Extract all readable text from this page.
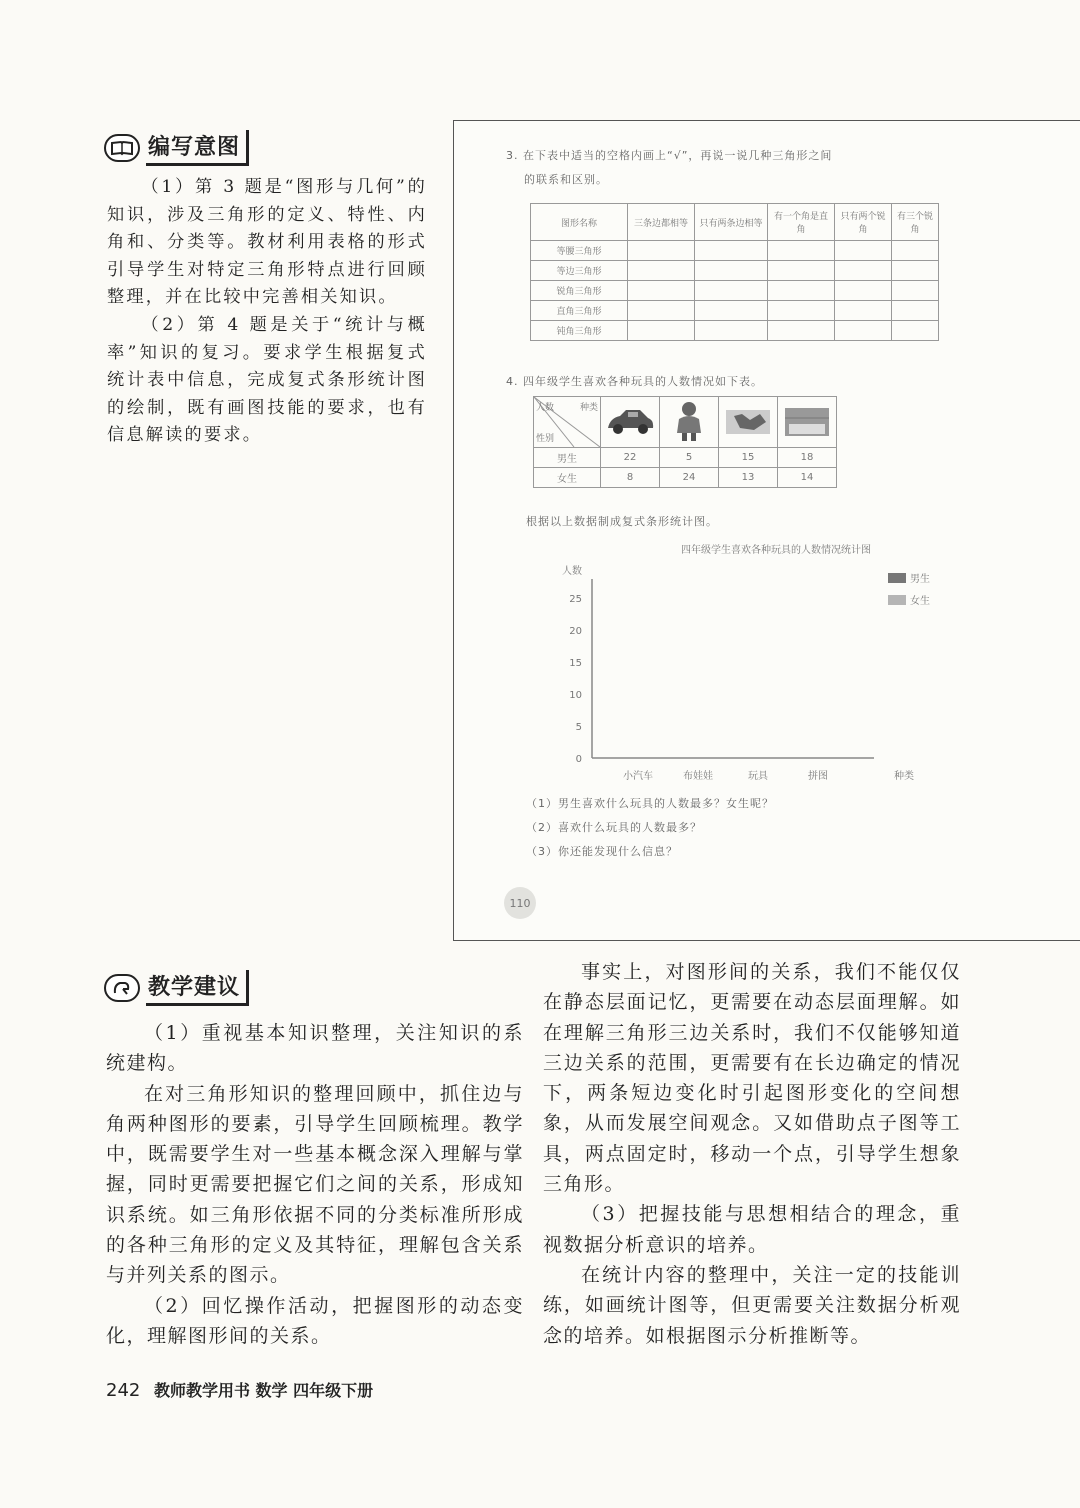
编写意图

（1）第 3 题是“图形与几何”的知识，涉及三角形的定义、特性、内角和、分类等。教材利用表格的形式引导学生对特定三角形特点进行回顾整理，并在比较中完善相关知识。

（2）第 4 题是关于“统计与概率”知识的复习。要求学生根据复式统计表中信息，完成复式条形统计图的绘制，既有画图技能的要求，也有信息解读的要求。

3. 在下表中适当的空格内画上“√”，再说一说几种三角形之间
的联系和区别。
图形名称	三条边都相等	只有两条边相等	有一个角是直角	只有两个锐角	有三个锐角
等腰三角形					
等边三角形					
锐角三角形					
直角三角形					
钝角三角形					
4. 四年级学生喜欢各种玩具的人数情况如下表。
人数 种类
性别

男生	22	5	15	18
女生	8	24	13	14
根据以上数据制成复式条形统计图。
四年级学生喜欢各种玩具的人数情况统计图
人数
0
5
10
15
20
25
小汽车	布娃娃	玩具	拼图	种类
男生
女生
（1）男生喜欢什么玩具的人数最多？女生呢？
（2）喜欢什么玩具的人数最多？
（3）你还能发现什么信息？
110
教学建议

（1）重视基本知识整理，关注知识的系统建构。

在对三角形知识的整理回顾中，抓住边与角两种图形的要素，引导学生回顾梳理。教学中，既需要学生对一些基本概念深入理解与掌握，同时更需要把握它们之间的关系，形成知识系统。如三角形依据不同的分类标准所形成的各种三角形的定义及其特征，理解包含关系与并列关系的图示。

（2）回忆操作活动，把握图形的动态变化，理解图形间的关系。

事实上，对图形间的关系，我们不能仅仅在静态层面记忆，更需要在动态层面理解。如在理解三角形三边关系时，我们不仅能够知道三边关系的范围，更需要有在长边确定的情况下，两条短边变化时引起图形变化的空间想象，从而发展空间观念。又如借助点子图等工具，两点固定时，移动一个点，引导学生想象三角形。

（3）把握技能与思想相结合的理念，重视数据分析意识的培养。

在统计内容的整理中，关注一定的技能训练，如画统计图等，但更需要关注数据分析观念的培养。如根据图示分析推断等。

242 教师教学用书 数学 四年级下册
